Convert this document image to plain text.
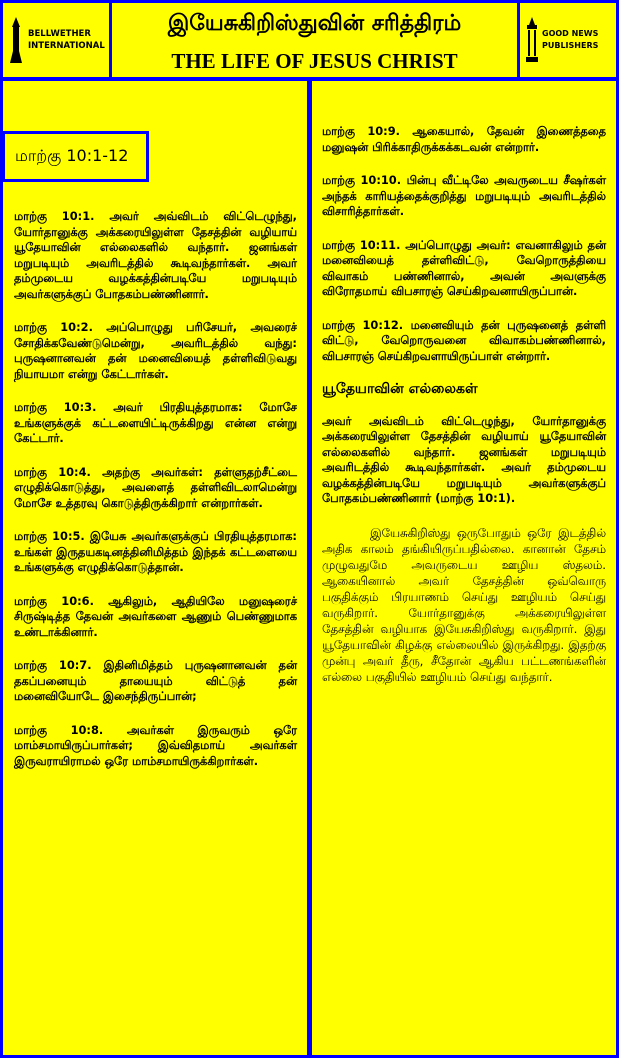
BELLWETHER
INTERNATIONAL
இயேசுகிறிஸ்துவின் சரித்திரம்
THE LIFE OF JESUS CHRIST
GOOD NEWS
PUBLISHERS
மாற்கு 10:1-12

மாற்கு 10:1. அவர் அவ்விடம் விட்டெழுந்து, யோர்தானுக்கு அக்கரையிலுள்ள தேசத்தின் வழியாய் யூதேயாவின் எல்லைகளில் வந்தார். ஜனங்கள் மறுபடியும் அவரிடத்தில் கூடிவந்தார்கள். அவர் தம்முடைய வழக்கத்தின்படியே மறுபடியும் அவர்களுக்குப் போதகம்பண்ணினார்.

மாற்கு 10:2. அப்பொழுது பரிசேயர், அவரைச் சோதிக்கவேண்டுமென்று, அவரிடத்தில் வந்து: புருஷனானவன் தன் மனைவியைத் தள்ளிவிடுவது நியாயமா என்று கேட்டார்கள்.

மாற்கு 10:3. அவர் பிரதியுத்தரமாக: மோசே உங்களுக்குக் கட்டளையிட்டிருக்கிறது என்ன என்று கேட்டார்.

மாற்கு 10:4. அதற்கு அவர்கள்: தள்ளுதற்சீட்டை எழுதிக்கொடுத்து, அவளைத் தள்ளிவிடலாமென்று மோசே உத்தரவு கொடுத்திருக்கிறார் என்றார்கள்.

மாற்கு 10:5. இயேசு அவர்களுக்குப் பிரதியுத்தரமாக: உங்கள் இருதயகடினத்தினிமித்தம் இந்தக் கட்டளையை உங்களுக்கு எழுதிக்கொடுத்தான்.

மாற்கு 10:6. ஆகிலும், ஆதியிலே மனுஷரைச் சிருஷ்டித்த தேவன் அவர்களை ஆணும் பெண்ணுமாக உண்டாக்கினார்.

மாற்கு 10:7. இதினிமித்தம் புருஷனானவன் தன் தகப்பனையும் தாயையும் விட்டுத் தன் மனைவியோடே இசைந்திருப்பான்;

மாற்கு 10:8. அவர்கள் இருவரும் ஒரே மாம்சமாயிருப்பார்கள்; இவ்விதமாய் அவர்கள் இருவராயிராமல் ஒரே மாம்சமாயிருக்கிறார்கள்.

மாற்கு 10:9. ஆகையால், தேவன் இணைத்ததை மனுஷன் பிரிக்காதிருக்கக்கடவன் என்றார்.

மாற்கு 10:10. பின்பு வீட்டிலே அவருடைய சீஷர்கள் அந்தக் காரியத்தைக்குறித்து மறுபடியும் அவரிடத்தில் விசாரித்தார்கள்.

மாற்கு 10:11. அப்பொழுது அவர்: எவனாகிலும் தன் மனைவியைத் தள்ளிவிட்டு, வேறொருத்தியை விவாகம் பண்ணினால், அவன் அவளுக்கு விரோதமாய் விபசாரஞ் செய்கிறவனாயிருப்பான்.

மாற்கு 10:12. மனைவியும் தன் புருஷனைத் தள்ளி விட்டு, வேறொருவனை விவாகம்பண்ணினால், விபசாரஞ் செய்கிறவளாயிருப்பாள் என்றார்.

யூதேயாவின் எல்லைகள்

அவர் அவ்விடம் விட்டெழுந்து, யோர்தானுக்கு அக்கரையிலுள்ள தேசத்தின் வழியாய் யூதேயாவின் எல்லைகளில் வந்தார். ஜனங்கள் மறுபடியும் அவரிடத்தில் கூடிவந்தார்கள். அவர் தம்முடைய வழக்கத்தின்படியே மறுபடியும் அவர்களுக்குப் போதகம்பண்ணினார் (மாற்கு 10:1).

இயேசுகிறிஸ்து ஒருபோதும் ஒரே இடத்தில் அதிக காலம் தங்கியிருப்பதில்லை. கானான் தேசம் முழுவதுமே அவருடைய ஊழிய ஸ்தலம். ஆகையினால் அவர் தேசத்தின் ஒவ்வொரு பகுதிக்கும் பிரயாணம் செய்து ஊழியம் செய்து வருகிறார். யோர்தானுக்கு அக்கரையிலுள்ள தேசத்தின் வழியாக இயேசுகிறிஸ்து வருகிறார். இது யூதேயாவின் கிழக்கு எல்லையில் இருக்கிறது. இதற்கு முன்பு அவர் தீரு, சீதோன் ஆகிய பட்டணங்களின் எல்லை பகுதியில் ஊழியம் செய்து வந்தார்.
